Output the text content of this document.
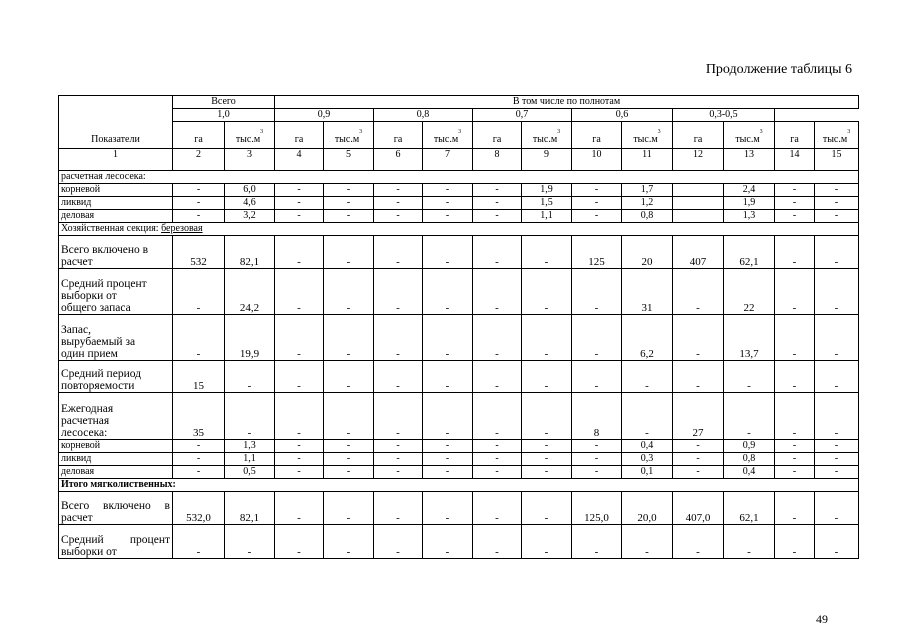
Продолжение таблицы 6
Показатели	Всего		В том числе по полнотам											
	1,0		0,9		0,8		0,7		0,6		0,3-0,5			
	га	$тыс.м^3$	га	$тыс.м^3$	га	$тыс.м^3$	га	$тыс.м^3$	га	$тыс.м^3$	га	$тыс.м^3$	га	$тыс.м^3$
1	2	3	4	5	6	7	8	9	10	11	12	13	14	15
расчетная лесосека:														
корневой	-	6,0	-	-	-	-	-	1,9	-	1,7		2,4	-	-
ликвид	-	4,6	-	-	-	-	-	1,5	-	1,2		1,9	-	-
деловая	-	3,2	-	-	-	-	-	1,1	-	0,8		1,3	-	-
Хозяйственная секция: березовая														

Всего включено в
расчет	532	82,1	-	-	-	-	-	-	125	20	407	62,1	-	-

Средний процент
выборки от
общего запаса	-	24,2	-	-	-	-	-	-	-	31	-	22	-	-

Запас,
вырубаемый за
один прием	-	19,9	-	-	-	-	-	-	-	6,2	-	13,7	-	-

Средний период
повторяемости	15	-	-	-	-	-	-	-	-	-	-	-	-	-

Ежегодная
расчетная
лесосека:	35	-	-	-	-	-	-	-	8	-	27	-	-	-
корневой	-	1,3	-	-	-	-	-	-	-	0,4	-	0,9	-	-
ликвид	-	1,1	-	-	-	-	-	-	-	0,3	-	0,8	-	-
деловая	-	0,5	-	-	-	-	-	-	-	0,1	-	0,4	-	-
Итого мягколиственных:														

Всего включено в
расчет	532,0	82,1	-	-	-	-	-	-	125,0	20,0	407,0	62,1	-	-

Средний процент
выборки от	-	-	-	-	-	-	-	-	-	-	-	-	-	-
49
